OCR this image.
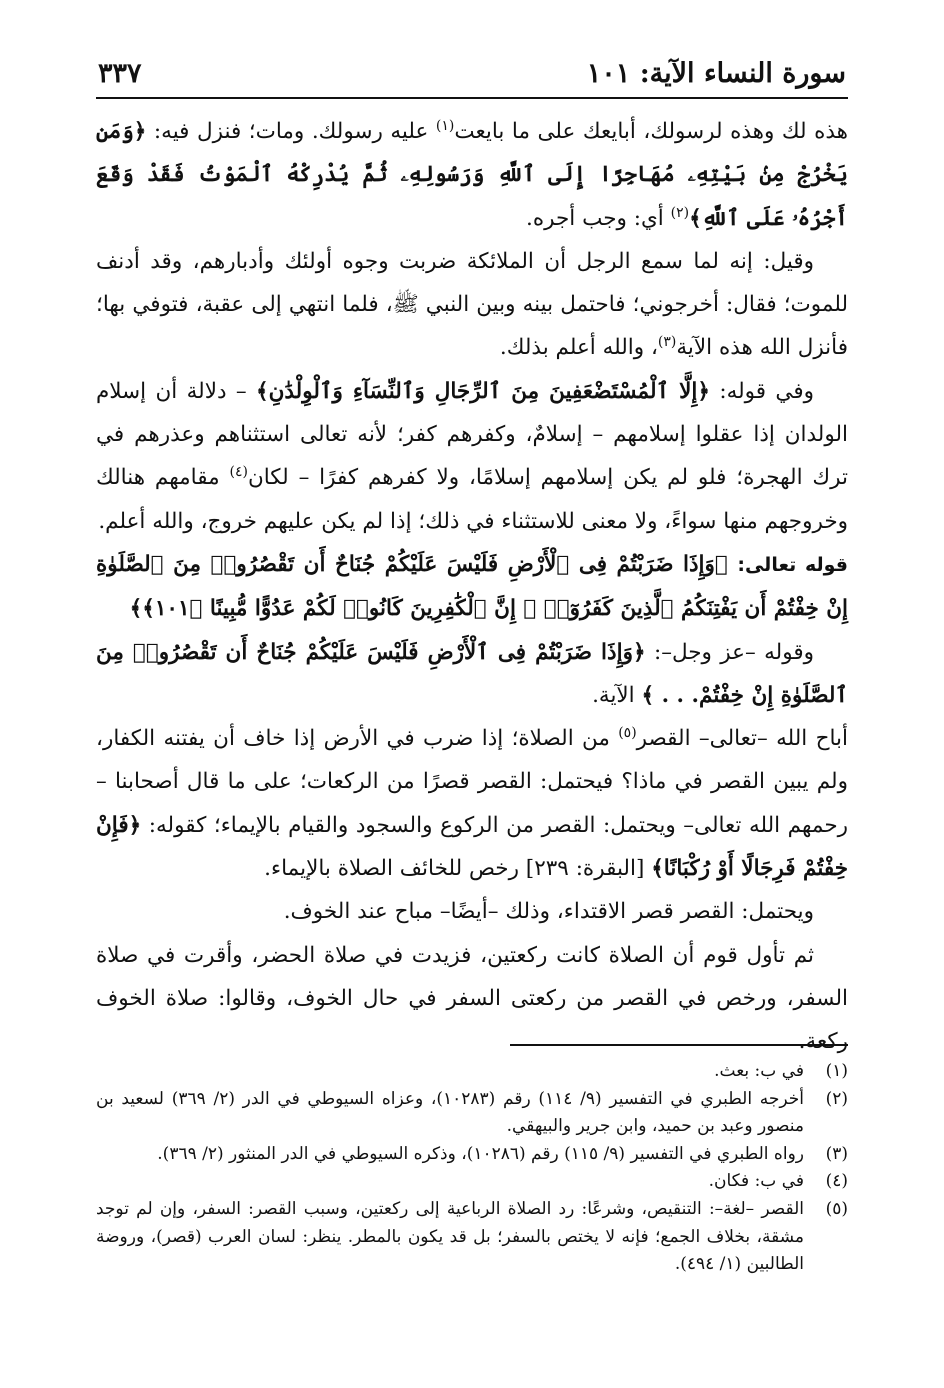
سورة النساء الآية: ١٠١
٣٣٧

هذه لك وهذه لرسولك، أبايعك على ما بايعت$^{(١)}$ عليه رسولك. ومات؛ فنزل فيه: ﴿وَمَن يَخْرُجْ مِنۢ بَيْتِهِۦ مُهَاجِرًا إِلَى ٱللَّهِ وَرَسُولِهِۦ ثُمَّ يُدْرِكْهُ ٱلْمَوْتُ فَقَدْ وَقَعَ أَجْرُهُۥ عَلَى ٱللَّهِ﴾$^{(٢)}$ أي: وجب أجره.

وقيل: إنه لما سمع الرجل أن الملائكة ضربت وجوه أولئك وأدبارهم، وقد أدنف للموت؛ فقال: أخرجوني؛ فاحتمل بينه وبين النبي ﷺ، فلما انتهي إلى عقبة، فتوفي بها؛ فأنزل الله هذه الآية$^{(٣)}$، والله أعلم بذلك.

وفي قوله: ﴿إِلَّا ٱلْمُسْتَضْعَفِينَ مِنَ ٱلرِّجَالِ وَٱلنِّسَآءِ وَٱلْوِلْدَٰنِ﴾ – دلالة أن إسلام الولدان إذا عقلوا إسلامهم – إسلامٌ، وكفرهم كفر؛ لأنه تعالى استثناهم وعذرهم في ترك الهجرة؛ فلو لم يكن إسلامهم إسلامًا، ولا كفرهم كفرًا – لكان$^{(٤)}$ مقامهم هنالك وخروجهم منها سواءً، ولا معنى للاستثناء في ذلك؛ إذا لم يكن عليهم خروج، والله أعلم.

قوله تعالى: ﴿وَإِذَا ضَرَبْتُمْ فِى ٱلْأَرْضِ فَلَيْسَ عَلَيْكُمْ جُنَاحٌ أَن تَقْصُرُوا۟ مِنَ ٱلصَّلَوٰةِ إِنْ خِفْتُمْ أَن يَفْتِنَكُمُ ٱلَّذِينَ كَفَرُوٓا۟ ۚ إِنَّ ٱلْكَٰفِرِينَ كَانُوا۟ لَكُمْ عَدُوًّا مُّبِينًا ﴿١٠١﴾﴾

وقوله –عز وجل–: ﴿وَإِذَا ضَرَبْتُمْ فِى ٱلْأَرْضِ فَلَيْسَ عَلَيْكُمْ جُنَاحٌ أَن تَقْصُرُوا۟ مِنَ ٱلصَّلَوٰةِ إِنْ خِفْتُمْ. . . ﴾ الآية.

أباح الله –تعالى– القصر$^{(٥)}$ من الصلاة؛ إذا ضرب في الأرض إذا خاف أن يفتنه الكفار، ولم يبين القصر في ماذا؟ فيحتمل: القصر قصرًا من الركعات؛ على ما قال أصحابنا –رحمهم الله تعالى– ويحتمل: القصر من الركوع والسجود والقيام بالإيماء؛ كقوله: ﴿فَإِنْ خِفْتُمْ فَرِجَالًا أَوْ رُكْبَانًا﴾ [البقرة: ٢٣٩] رخص للخائف الصلاة بالإيماء.

ويحتمل: القصر قصر الاقتداء، وذلك –أيضًا– مباح عند الخوف.

ثم تأول قوم أن الصلاة كانت ركعتين، فزيدت في صلاة الحضر، وأقرت في صلاة السفر، ورخص في القصر من ركعتى السفر في حال الخوف، وقالوا: صلاة الخوف ركعة.

(١)
في ب: بعث.
(٢)
أخرجه الطبري في التفسير (٩/ ١١٤) رقم (١٠٢٨٣)، وعزاه السيوطي في الدر (٢/ ٣٦٩) لسعيد بن منصور وعبد بن حميد، وابن جرير والبيهقي.
(٣)
رواه الطبري في التفسير (٩/ ١١٥) رقم (١٠٢٨٦)، وذكره السيوطي في الدر المنثور (٢/ ٣٦٩).
(٤)
في ب: فكان.
(٥)
القصر –لغة–: التنقيص، وشرعًا: رد الصلاة الرباعية إلى ركعتين، وسبب القصر: السفر، وإن لم توجد مشقة، بخلاف الجمع؛ فإنه لا يختص بالسفر؛ بل قد يكون بالمطر. ينظر: لسان العرب (قصر)، وروضة الطالبين (١/ ٤٩٤).
